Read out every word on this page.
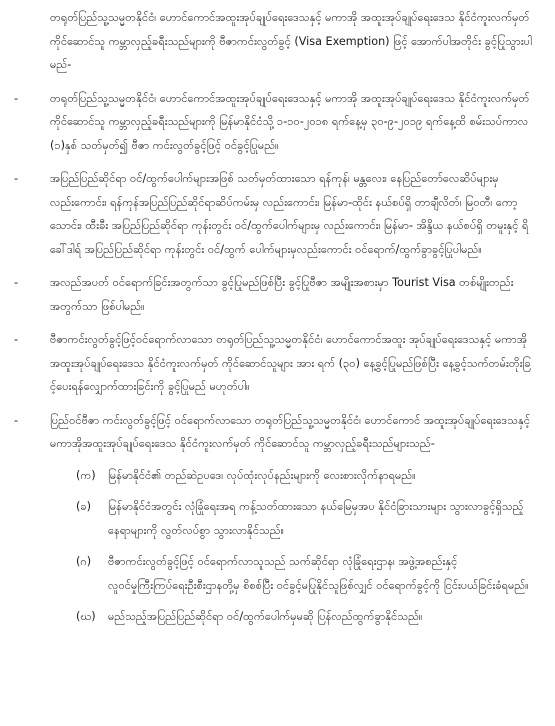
တရုတ်ပြည်သူ့သမ္မတနိုင်ငံ၊ ဟောင်ကောင်အထူးအုပ်ချုပ်ရေးဒေသနှင့် မကာအို အထူးအုပ်ချုပ်ရေးဒေသ နိုင်ငံကူးလက်မှတ်ကိုင်ဆောင်သူ ကမ္ဘာလှည့်ခရီးသည်များကို ဗီဇာကင်းလွတ်ခွင့် (Visa Exemption) ဖြင့် အောက်ပါအတိုင်း ခွင့်ပြုသွားပါမည်-

-	တရုတ်ပြည်သူ့သမ္မတနိုင်ငံ၊ ဟောင်ကောင်အထူးအုပ်ချုပ်ရေးဒေသနှင့် မကာအို အထူးအုပ်ချုပ်ရေးဒေသ နိုင်ငံကူးလက်မှတ်ကိုင်ဆောင်သူ ကမ္ဘာလှည့်ခရီးသည်များကို မြန်မာနိုင်ငံသို့ ၁-၁၀-၂၀၁၈ ရက်နေ့မှ ၃၀-၉-၂၀၁၉ ရက်နေ့ထိ စမ်းသပ်ကာလ (၁)နှစ် သတ်မှတ်၍ ဗီဇာ ကင်းလွတ်ခွင့်ဖြင့် ဝင်ခွင့်ပြုမည်။

-	အပြည်ပြည်ဆိုင်ရာ ဝင်/ထွက်ပေါက်များအဖြစ် သတ်မှတ်ထားသော ရန်ကုန်၊ မန္တလေး၊ နေပြည်တော်လေဆိပ်များမှ လည်းကောင်း၊ ရန်ကုန်အပြည်ပြည်ဆိုင်ရာဆိပ်ကမ်းမှ လည်းကောင်း၊ မြန်မာ-ထိုင်း နယ်စပ်ရှိ တာချီလိတ်၊ မြဝတီ၊ ကော့သောင်း၊ ထီးခီး အပြည်ပြည်ဆိုင်ရာ ကုန်းတွင်း ဝင်/ထွက်ပေါက်များမှ လည်းကောင်း၊ မြန်မာ- အိန္ဒိယ နယ်စပ်ရှိ တမူးနှင့် ရိခေါ်ဒါရ် အပြည်ပြည်ဆိုင်ရာ ကုန်းတွင်း ဝင်/ထွက် ပေါက်များမှလည်းကောင်း ဝင်ရောက်/ထွက်ခွာခွင့်ပြုပါမည်။

-	အလည်အပတ် ဝင်ရောက်ခြင်းအတွက်သာ ခွင့်ပြုမည်ဖြစ်ပြီး ခွင့်ပြုဗီဇာ အမျိုးအစားမှာ Tourist Visa တစ်မျိုးတည်းအတွက်သာ ဖြစ်ပါမည်။

-	ဗီဇာကင်းလွတ်ခွင့်ဖြင့်ဝင်ရောက်လာသော တရုတ်ပြည်သူ့သမ္မတနိုင်ငံ၊ ဟောင်ကောင်အထူး အုပ်ချုပ်ရေးဒေသနှင့် မကာအို အထူးအုပ်ချုပ်ရေးဒေသ နိုင်ငံကူးလက်မှတ် ကိုင်ဆောင်သူများ အား ရက် (၃၀) နေ့ခွင့်ပြုမည်ဖြစ်ပြီး နေ့ခွင့်သက်တမ်းတိုးခြင့်ပေးရန်လျှောက်ထားခြင်းကို ခွင့်ပြုမည် မဟုတ်ပါ။

-	ပြည်ဝင်ဗီဇာ ကင်းလွတ်ခွင့်ဖြင့် ဝင်ရောက်လာသော တရုတ်ပြည်သူ့သမ္မတနိုင်ငံ၊ ဟောင်ကောင် အထူးအုပ်ချုပ်ရေးဒေသနှင့် မကာအိုအထူးအုပ်ချုပ်ရေးဒေသ နိုင်ငံကူးလက်မှတ် ကိုင်ဆောင်သူ ကမ္ဘာလှည့်ခရီးသည်များသည်-

(က) မြန်မာနိုင်ငံ၏ တည်ဆဲဥပဒေ၊ လုပ်ထုံးလုပ်နည်းများကို လေးစားလိုက်နာရမည်။

(ခ) မြန်မာနိုင်ငံအတွင်း လုံခြုံရေးအရ ကန့်သတ်ထားသော နယ်မြေမှအပ နိုင်ငံခြားသားများ သွားလာခွင့်ရှိသည့် နေရာများကို လွတ်လပ်စွာ သွားလာနိုင်သည်။

(ဂ) ဗီဇာကင်းလွတ်ခွင့်ဖြင့် ဝင်ရောက်လာသူသည် သက်ဆိုင်ရာ လုံခြုံရေးဌာန၊ အဖွဲ့အစည်းနှင့်လူဝင်မှုကြီးကြပ်ရေးဦးစီးဌာနတို့မှ စိစစ်ပြီး ဝင်ခွင့်မပြုနိုင်သူဖြစ်လျှင် ဝင်ရောက်ခွင့်ကို ငြင်းပယ်ခြင်းခံရမည်။

(ဃ) မည်သည့်အပြည်ပြည်ဆိုင်ရာ ဝင်/ထွက်ပေါက်မှမဆို ပြန်လည်ထွက်ခွာနိုင်သည်။
